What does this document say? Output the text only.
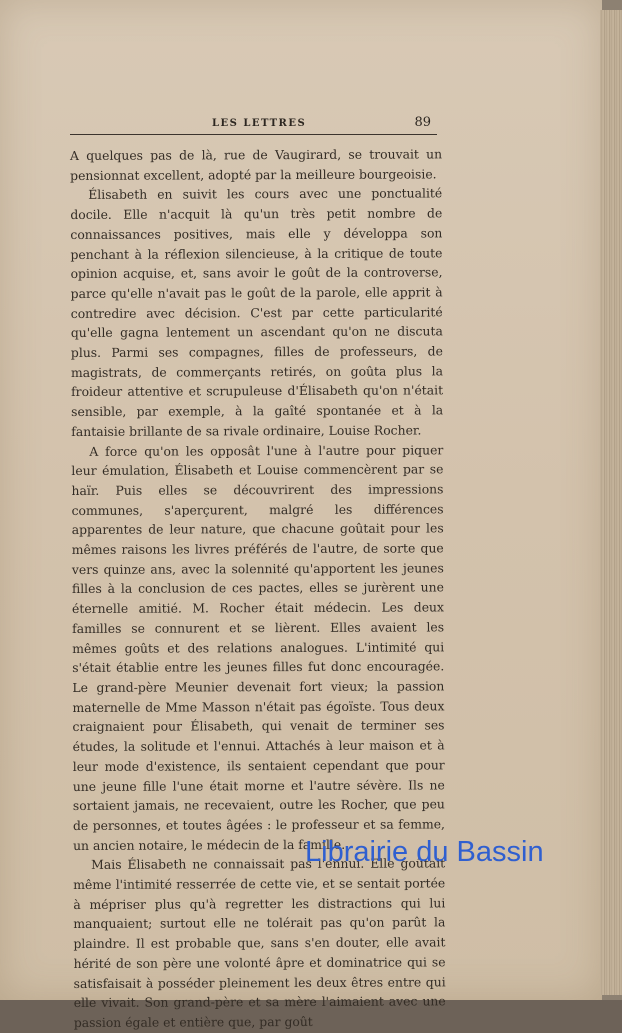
LES LETTRES	89

A quelques pas de là, rue de Vaugirard, se trouvait un pensionnat excellent, adopté par la meilleure bourgeoisie.

Élisabeth en suivit les cours avec une ponctualité docile. Elle n'acquit là qu'un très petit nombre de connaissances positives, mais elle y développa son penchant à la réflexion silencieuse, à la critique de toute opinion acquise, et, sans avoir le goût de la controverse, parce qu'elle n'avait pas le goût de la parole, elle apprit à contredire avec décision. C'est par cette particularité qu'elle gagna lentement un ascendant qu'on ne discuta plus. Parmi ses compagnes, filles de professeurs, de magistrats, de commerçants retirés, on goûta plus la froideur attentive et scrupuleuse d'Élisabeth qu'on n'était sensible, par exemple, à la gaîté spontanée et à la fantaisie brillante de sa rivale ordinaire, Louise Rocher.

A force qu'on les opposât l'une à l'autre pour piquer leur émulation, Élisabeth et Louise commencèrent par se haïr. Puis elles se découvrirent des impressions communes, s'aperçurent, malgré les différences apparentes de leur nature, que chacune goûtait pour les mêmes raisons les livres préférés de l'autre, de sorte que vers quinze ans, avec la solennité qu'apportent les jeunes filles à la conclusion de ces pactes, elles se jurèrent une éternelle amitié. M. Rocher était médecin. Les deux familles se connurent et se lièrent. Elles avaient les mêmes goûts et des relations analogues. L'intimité qui s'était établie entre les jeunes filles fut donc encouragée. Le grand-père Meunier devenait fort vieux; la passion maternelle de Mme Masson n'était pas égoïste. Tous deux craignaient pour Élisabeth, qui venait de terminer ses études, la solitude et l'ennui. Attachés à leur maison et à leur mode d'existence, ils sentaient cependant que pour une jeune fille l'une était morne et l'autre sévère. Ils ne sortaient jamais, ne recevaient, outre les Rocher, que peu de personnes, et toutes âgées : le professeur et sa femme, un ancien notaire, le médecin de la famille.

Mais Élisabeth ne connaissait pas l'ennui. Elle goûtait même l'intimité resserrée de cette vie, et se sentait portée à mépriser plus qu'à regretter les distractions qui lui manquaient; surtout elle ne tolérait pas qu'on parût la plaindre. Il est probable que, sans s'en douter, elle avait hérité de son père une volonté âpre et dominatrice qui se satisfaisait à posséder pleinement les deux êtres entre qui elle vivait. Son grand-père et sa mère l'aimaient avec une passion égale et entière que, par goût

Librairie du Bassin
